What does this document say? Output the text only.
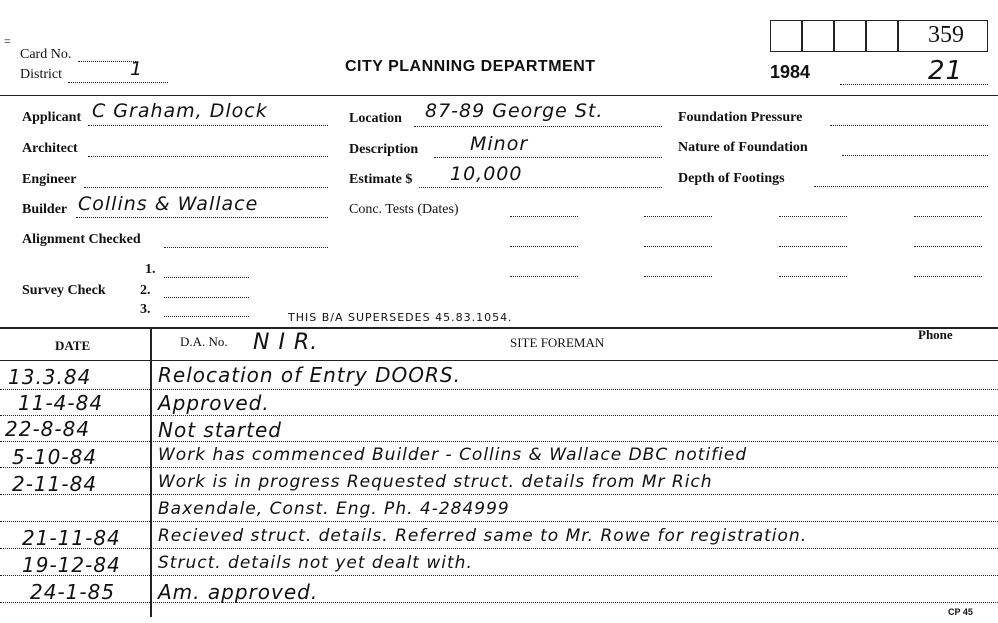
=
Card No.
District	1	CITY PLANNING DEPARTMENT	1984	21
359
Applicant C Graham, Dlock
Architect
Engineer
Builder Collins & Wallace
Alignment Checked
1.
Survey Check 2.
3.
Location 87-89 George St.
Description	Minor
Estimate $ 10,000
Conc. Tests (Dates)
Foundation Pressure
Nature of Foundation
Depth of Footings
THIS B/A SUPERSEDES 45.83.1054.
DATE	D.A. No. N I R.	SITE FOREMAN
Phone
13.3.84	Relocation of Entry DOORS.
11-4-84	Approved.
22-8-84	Not started
5-10-84	Work has commenced Builder - Collins & Wallace DBC notified
2-11-84	Work is in progress Requested struct. details from Mr Rich
Baxendale, Const. Eng. Ph. 4-284999
21-11-84 Recieved struct. details. Referred same to Mr. Rowe for registration.
19-12-84 Struct. details not yet dealt with.
24-1-85 Am. approved.
CP 45
